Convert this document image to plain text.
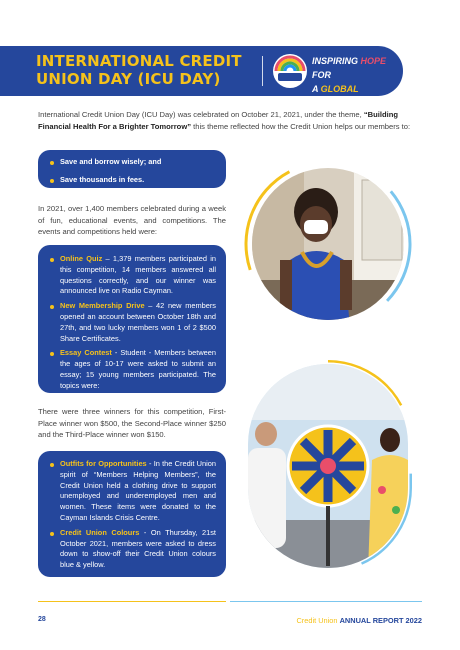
INTERNATIONAL CREDIT UNION DAY (ICU DAY)
INSPIRING HOPE FOR
A GLOBAL COMMUNITY.

International Credit Union Day (ICU Day) was celebrated on October 21, 2021, under the theme, “Building Financial Health For a Brighter Tomorrow” this theme reflected how the Credit Union helps our members to:

Save and borrow wisely; and
Save thousands in fees.

In 2021, over 1,400 members celebrated during a week of fun, educational events, and competitions. The events and competitions held were:

Online Quiz – 1,379 members participated in this competition, 14 members answered all questions correctly, and our winner was announced live on Radio Cayman.
New Membership Drive – 42 new members opened an account between October 18th and 27th, and two lucky members won 1 of 2 $500 Share Certificates.
Essay Contest - Student - Members between the ages of 10-17 were asked to submit an essay; 15 young members participated. The topics were:

There were three winners for this competition, First-Place winner won $500, the Second-Place winner $250 and the Third-Place winner won $150.

Outfits for Opportunities - In the Credit Union spirit of “Members Helping Members”, the Credit Union held a clothing drive to support unemployed and underemployed men and women. These items were donated to the Cayman Islands Crisis Centre.
Credit Union Colours - On Thursday, 21st October 2021, members were asked to dress down to show-off their Credit Union colours blue & yellow.
28	Credit Union ANNUAL REPORT 2022
